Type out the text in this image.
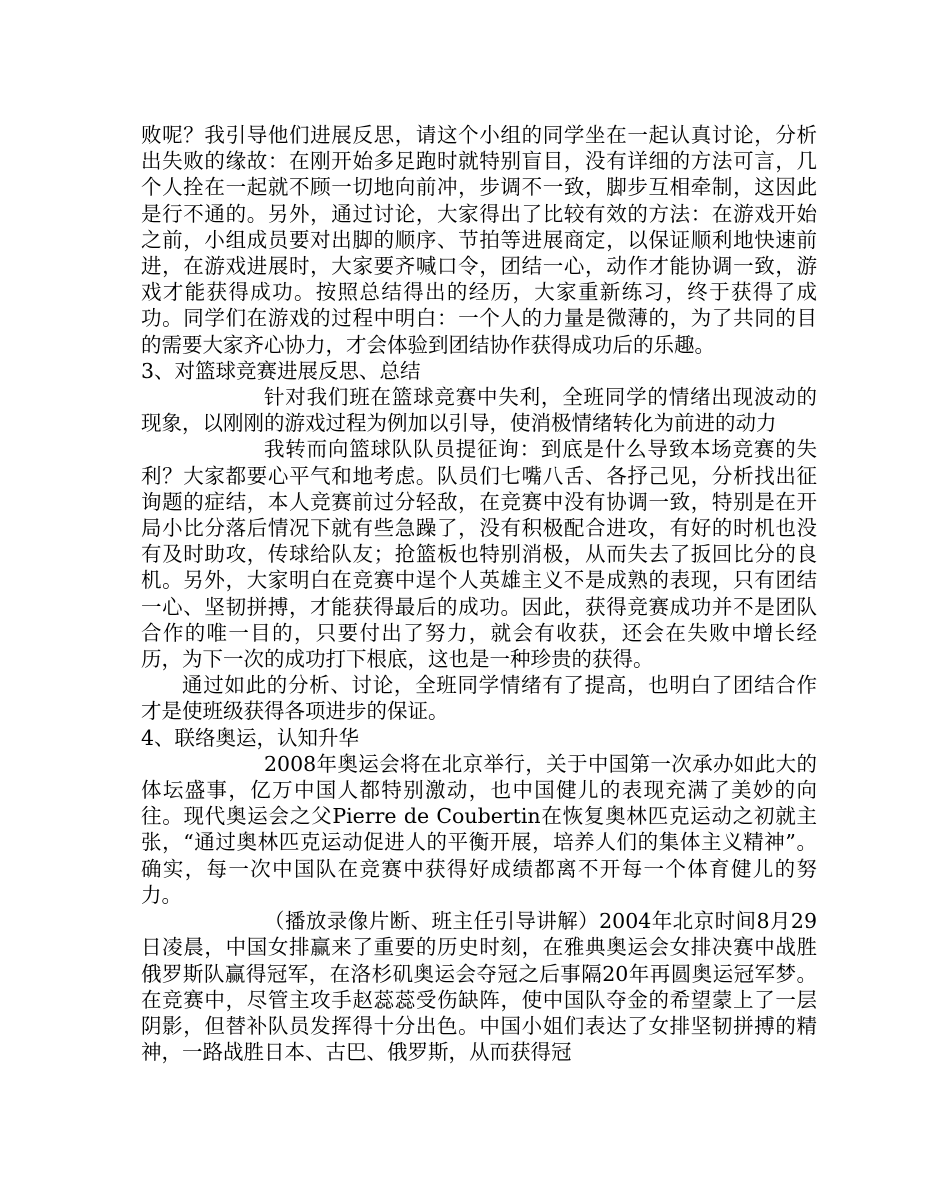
败呢？我引导他们进展反思，请这个小组的同学坐在一起认真讨论，分析出失败的缘故：在刚开始多足跑时就特别盲目，没有详细的方法可言，几个人拴在一起就不顾一切地向前冲，步调不一致，脚步互相牵制，这因此是行不通的。另外，通过讨论，大家得出了比较有效的方法：在游戏开始之前，小组成员要对出脚的顺序、节拍等进展商定，以保证顺利地快速前进，在游戏进展时，大家要齐喊口令，团结一心，动作才能协调一致，游戏才能获得成功。按照总结得出的经历，大家重新练习，终于获得了成功。同学们在游戏的过程中明白：一个人的力量是微薄的，为了共同的目的需要大家齐心协力，才会体验到团结协作获得成功后的乐趣。

3、对篮球竞赛进展反思、总结

针对我们班在篮球竞赛中失利，全班同学的情绪出现波动的现象，以刚刚的游戏过程为例加以引导，使消极情绪转化为前进的动力

我转而向篮球队队员提征询：到底是什么导致本场竞赛的失利？大家都要心平气和地考虑。队员们七嘴八舌、各抒己见，分析找出征询题的症结，本人竞赛前过分轻敌，在竞赛中没有协调一致，特别是在开局小比分落后情况下就有些急躁了，没有积极配合进攻，有好的时机也没有及时助攻，传球给队友；抢篮板也特别消极，从而失去了扳回比分的良机。另外，大家明白在竞赛中逞个人英雄主义不是成熟的表现，只有团结一心、坚韧拼搏，才能获得最后的成功。因此，获得竞赛成功并不是团队合作的唯一目的，只要付出了努力，就会有收获，还会在失败中增长经历，为下一次的成功打下根底，这也是一种珍贵的获得。

通过如此的分析、讨论，全班同学情绪有了提高，也明白了团结合作才是使班级获得各项进步的保证。

4、联络奥运，认知升华

2008年奥运会将在北京举行，关于中国第一次承办如此大的体坛盛事，亿万中国人都特别激动，也中国健儿的表现充满了美妙的向往。现代奥运会之父Pierre de Coubertin在恢复奥林匹克运动之初就主张，“通过奥林匹克运动促进人的平衡开展，培养人们的集体主义精神”。确实，每一次中国队在竞赛中获得好成绩都离不开每一个体育健儿的努力。

（播放录像片断、班主任引导讲解）2004年北京时间8月29日凌晨，中国女排赢来了重要的历史时刻，在雅典奥运会女排决赛中战胜俄罗斯队赢得冠军，在洛杉矶奥运会夺冠之后事隔20年再圆奥运冠军梦。在竞赛中，尽管主攻手赵蕊蕊受伤缺阵，使中国队夺金的希望蒙上了一层阴影，但替补队员发挥得十分出色。中国小姐们表达了女排坚韧拼搏的精神，一路战胜日本、古巴、俄罗斯，从而获得冠
